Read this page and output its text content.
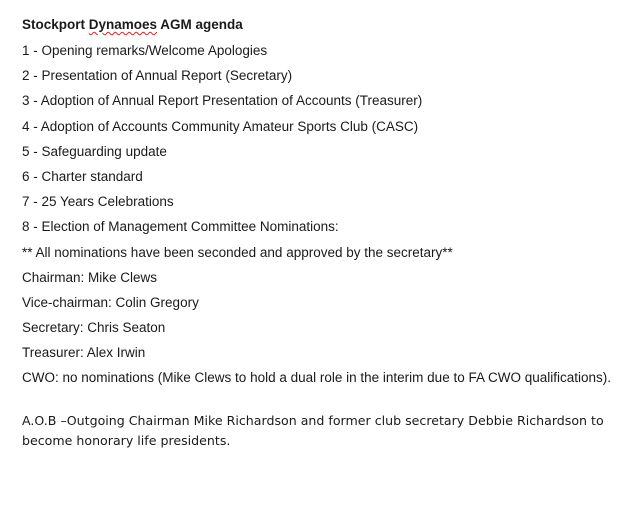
Stockport Dynamoes AGM agenda
1 - Opening remarks/Welcome Apologies
2 - Presentation of Annual Report (Secretary)
3 - Adoption of Annual Report Presentation of Accounts (Treasurer)
4 - Adoption of Accounts Community Amateur Sports Club (CASC)
5 - Safeguarding update
6 - Charter standard
7 - 25 Years Celebrations
8 - Election of Management Committee Nominations:
** All nominations have been seconded and approved by the secretary**
Chairman: Mike Clews
Vice-chairman: Colin Gregory
Secretary: Chris Seaton
Treasurer: Alex Irwin
CWO: no nominations (Mike Clews to hold a dual role in the interim due to FA CWO qualifications).
A.O.B –Outgoing Chairman Mike Richardson and former club secretary Debbie Richardson to become honorary life presidents.
